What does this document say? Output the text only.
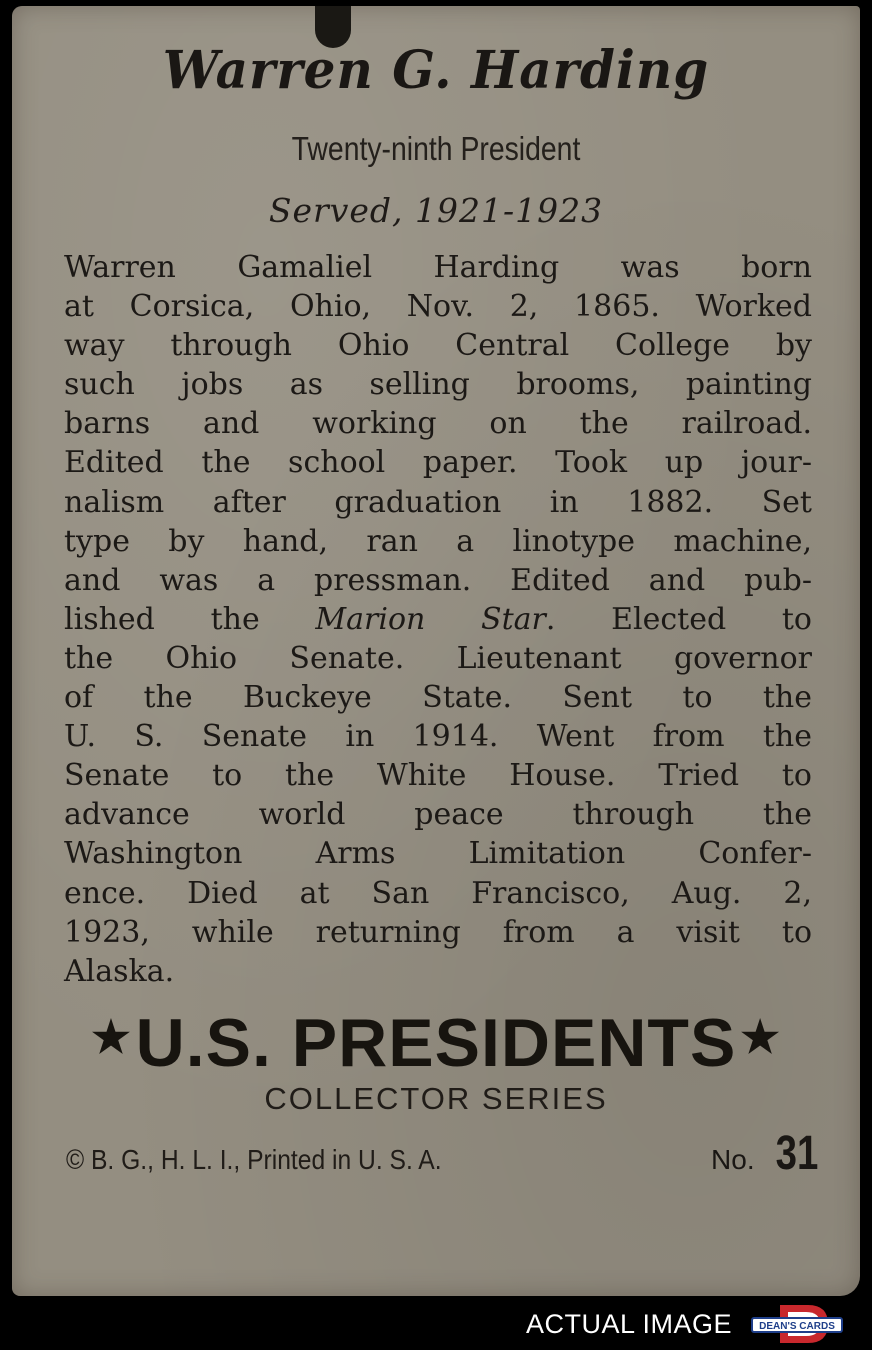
Warren G. Harding
Twenty-ninth President
Served, 1921-1923
Warren Gamaliel Harding was born
at Corsica, Ohio, Nov. 2, 1865. Worked
way through Ohio Central College by
such jobs as selling brooms, painting
barns and working on the railroad.
Edited the school paper. Took up jour-
nalism after graduation in 1882. Set
type by hand, ran a linotype machine,
and was a pressman. Edited and pub-
lished the Marion Star. Elected to
the Ohio Senate. Lieutenant governor
of the Buckeye State. Sent to the
U. S. Senate in 1914. Went from the
Senate to the White House. Tried to
advance world peace through the
Washington Arms Limitation Confer-
ence. Died at San Francisco, Aug. 2,
1923, while returning from a visit to
Alaska.
★U.S. PRESIDENTS★
COLLECTOR SERIES
© B. G., H. L. I., Printed in U. S. A.	No. 31
ACTUAL IMAGE	DEAN'S CARDS
